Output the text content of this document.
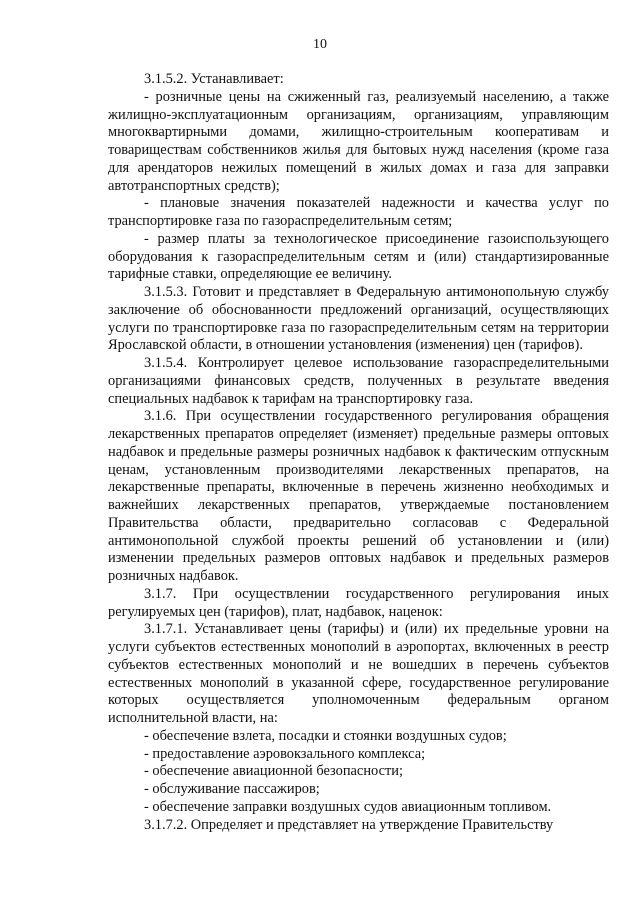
10

3.1.5.2. Устанавливает:

- розничные цены на сжиженный газ, реализуемый населению, а также жилищно-эксплуатационным организациям, организациям, управляющим многоквартирными домами, жилищно-строительным кооперативам и товариществам собственников жилья для бытовых нужд населения (кроме газа для арендаторов нежилых помещений в жилых домах и газа для заправки автотранспортных средств);

- плановые значения показателей надежности и качества услуг по транспортировке газа по газораспределительным сетям;

- размер платы за технологическое присоединение газоиспользующего оборудования к газораспределительным сетям и (или) стандартизированные тарифные ставки, определяющие ее величину.

3.1.5.3. Готовит и представляет в Федеральную антимонопольную службу заключение об обоснованности предложений организаций, осуществляющих услуги по транспортировке газа по газораспределительным сетям на территории Ярославской области, в отношении установления (изменения) цен (тарифов).

3.1.5.4. Контролирует целевое использование газораспределительными организациями финансовых средств, полученных в результате введения специальных надбавок к тарифам на транспортировку газа.

3.1.6. При осуществлении государственного регулирования обращения лекарственных препаратов определяет (изменяет) предельные размеры оптовых надбавок и предельные размеры розничных надбавок к фактическим отпускным ценам, установленным производителями лекарственных препаратов, на лекарственные препараты, включенные в перечень жизненно необходимых и важнейших лекарственных препаратов, утверждаемые постановлением Правительства области, предварительно согласовав с Федеральной антимонопольной службой проекты решений об установлении и (или) изменении предельных размеров оптовых надбавок и предельных размеров розничных надбавок.

3.1.7. При осуществлении государственного регулирования иных регулируемых цен (тарифов), плат, надбавок, наценок:

3.1.7.1. Устанавливает цены (тарифы) и (или) их предельные уровни на услуги субъектов естественных монополий в аэропортах, включенных в реестр субъектов естественных монополий и не вошедших в перечень субъектов естественных монополий в указанной сфере, государственное регулирование которых осуществляется уполномоченным федеральным органом исполнительной власти, на:

- обеспечение взлета, посадки и стоянки воздушных судов;

- предоставление аэровокзального комплекса;

- обеспечение авиационной безопасности;

- обслуживание пассажиров;

- обеспечение заправки воздушных судов авиационным топливом.

3.1.7.2. Определяет и представляет на утверждение Правительству
